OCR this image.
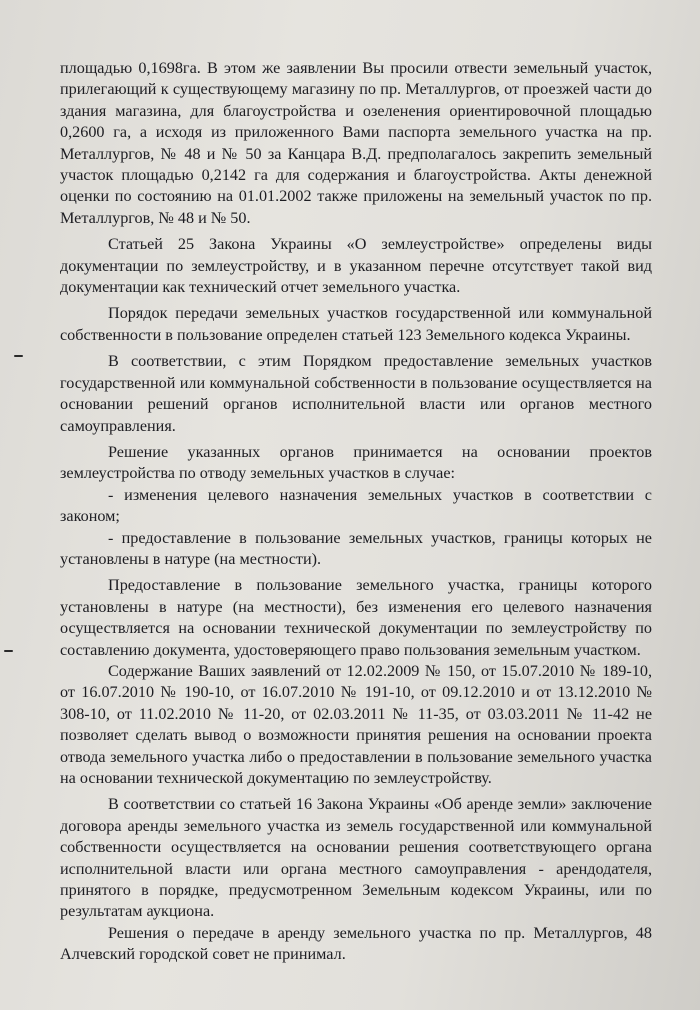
площадью 0,1698га. В этом же заявлении Вы просили отвести земельный участок, прилегающий к существующему магазину по пр. Металлургов, от проезжей части до здания магазина, для благоустройства и озеленения ориентировочной площадью 0,2600 га, а исходя из приложенного Вами паспорта земельного участка на пр. Металлургов, № 48 и № 50 за Канцара В.Д. предполагалось закрепить земельный участок площадью 0,2142 га для содержания и благоустройства. Акты денежной оценки по состоянию на 01.01.2002 также приложены на земельный участок по пр. Металлургов, № 48 и № 50.

Статьей 25 Закона Украины «О землеустройстве» определены виды документации по землеустройству, и в указанном перечне отсутствует такой вид документации как технический отчет земельного участка.

Порядок передачи земельных участков государственной или коммунальной собственности в пользование определен статьей 123 Земельного кодекса Украины.

В соответствии, с этим Порядком предоставление земельных участков государственной или коммунальной собственности в пользование осуществляется на основании решений органов исполнительной власти или органов местного самоуправления.

Решение указанных органов принимается на основании проектов землеустройства по отводу земельных участков в случае:

- изменения целевого назначения земельных участков в соответствии с законом;

- предоставление в пользование земельных участков, границы которых не установлены в натуре (на местности).

Предоставление в пользование земельного участка, границы которого установлены в натуре (на местности), без изменения его целевого назначения осуществляется на основании технической документации по землеустройству по составлению документа, удостоверяющего право пользования земельным участком.

Содержание Ваших заявлений от 12.02.2009 № 150, от 15.07.2010 № 189-10, от 16.07.2010 № 190-10, от 16.07.2010 № 191-10, от 09.12.2010 и от 13.12.2010 № 308-10, от 11.02.2010 № 11-20, от 02.03.2011 № 11-35, от 03.03.2011 № 11-42 не позволяет сделать вывод о возможности принятия решения на основании проекта отвода земельного участка либо о предоставлении в пользование земельного участка на основании технической документацию по землеустройству.

В соответствии со статьей 16 Закона Украины «Об аренде земли» заключение договора аренды земельного участка из земель государственной или коммунальной собственности осуществляется на основании решения соответствующего органа исполнительной власти или органа местного самоуправления - арендодателя, принятого в порядке, предусмотренном Земельным кодексом Украины, или по результатам аукциона.

Решения о передаче в аренду земельного участка по пр. Металлургов, 48 Алчевский городской совет не принимал.
